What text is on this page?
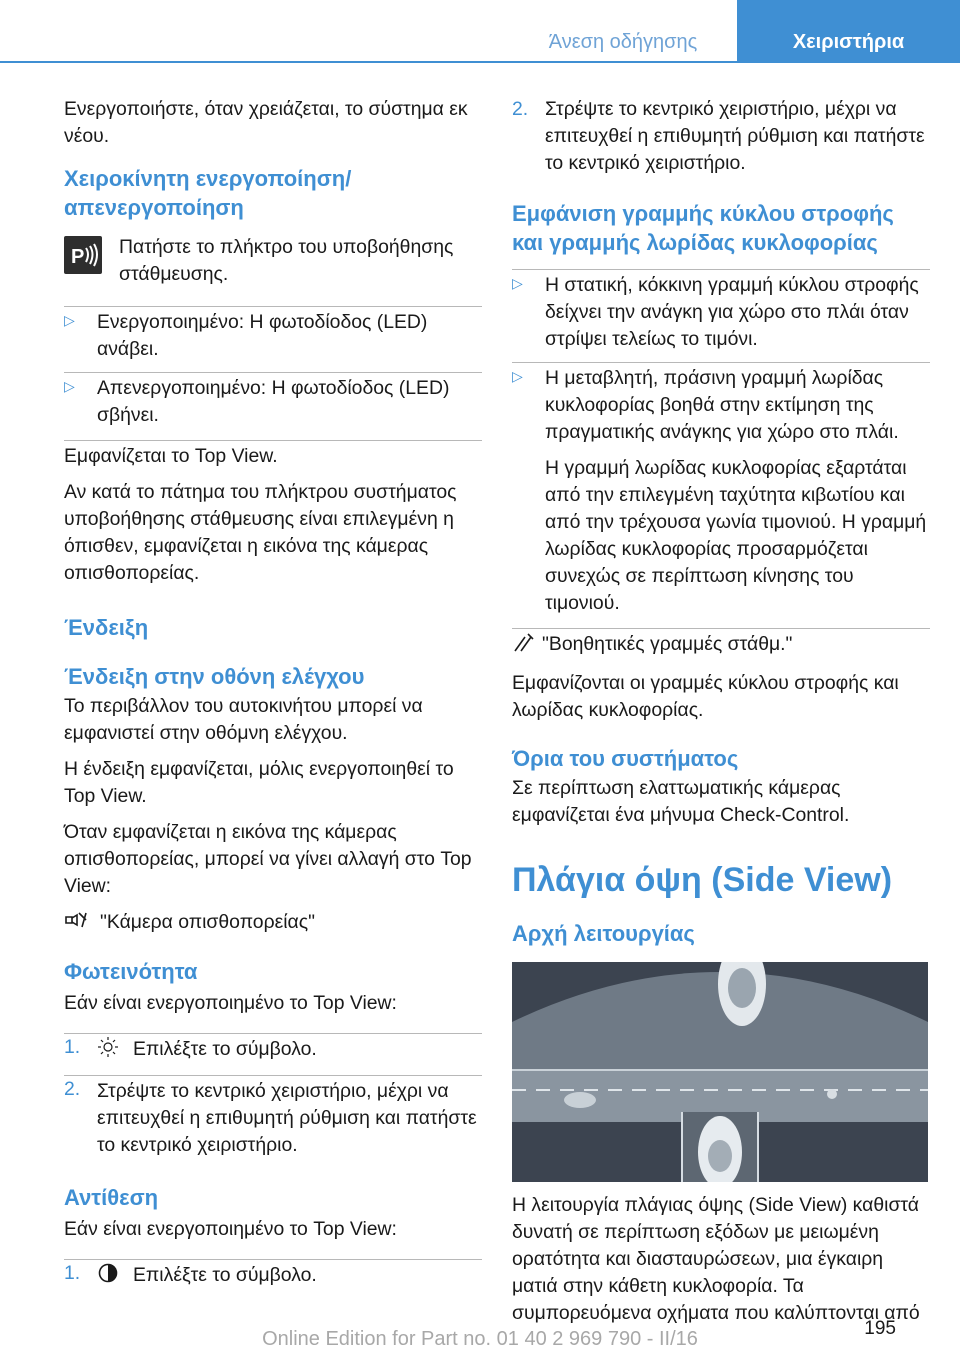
Άνεση οδήγησης	Χειριστήρια

Ενεργοποιήστε, όταν χρειάζεται, το σύστημα εκ νέου.

Χειροκίνητη ενεργοποίηση/ απενεργοποίηση
P Πατήστε το πλήκτρο του υποβοήθησης στάθμευσης.

▷ Ενεργοποιημένο: Η φωτοδίοδος (LED) ανάβει.
▷ Απενεργοποιημένο: Η φωτοδίοδος (LED) σβήνει.

Εμφανίζεται το Top View.

Αν κατά το πάτημα του πλήκτρου συστήματος υποβοήθησης στάθμευσης είναι επιλεγμένη η όπισθεν, εμφανίζεται η εικόνα της κάμερας οπισθοπορείας.

Ένδειξη
Ένδειξη στην οθόνη ελέγχου

Το περιβάλλον του αυτοκινήτου μπορεί να εμφανιστεί στην οθόμνη ελέγχου.

Η ένδειξη εμφανίζεται, μόλις ενεργοποιηθεί το Top View.

Όταν εμφανίζεται η εικόνα της κάμερας οπισθοπορείας, μπορεί να γίνει αλλαγή στο Top View:

"Κάμερα οπισθοπορείας"

Φωτεινότητα

Εάν είναι ενεργοποιημένο το Top View:

1.	Επιλέξτε το σύμβολο.
2. Στρέψτε το κεντρικό χειριστήριο, μέχρι να επιτευχθεί η επιθυμητή ρύθμιση και πατήστε το κεντρικό χειριστήριο.
Αντίθεση

Εάν είναι ενεργοποιημένο το Top View:

1.	Επιλέξτε το σύμβολο.
2. Στρέψτε το κεντρικό χειριστήριο, μέχρι να επιτευχθεί η επιθυμητή ρύθμιση και πατήστε το κεντρικό χειριστήριο.
Εμφάνιση γραμμής κύκλου στροφής και γραμμής λωρίδας κυκλοφορίας
▷ Η στατική, κόκκινη γραμμή κύκλου στροφής δείχνει την ανάγκη για χώρο στο πλάι όταν στρίψει τελείως το τιμόνι.
▷ Η μεταβλητή, πράσινη γραμμή λωρίδας κυκλοφορίας βοηθά στην εκτίμηση της πραγματικής ανάγκης για χώρο στο πλάι.
Η γραμμή λωρίδας κυκλοφορίας εξαρτάται από την επιλεγμένη ταχύτητα κιβωτίου και από την τρέχουσα γωνία τιμονιού. Η γραμμή λωρίδας κυκλοφορίας προσαρμόζεται συνεχώς σε περίπτωση κίνησης του τιμονιού.

"Βοηθητικές γραμμές στάθμ."

Εμφανίζονται οι γραμμές κύκλου στροφής και λωρίδας κυκλοφορίας.

Όρια του συστήματος

Σε περίπτωση ελαττωματικής κάμερας εμφανίζεται ένα μήνυμα Check-Control.

Πλάγια όψη (Side View)
Αρχή λειτουργίας

Η λειτουργία πλάγιας όψης (Side View) καθιστά δυνατή σε περίπτωση εξόδων με μειωμένη ορατότητα και διασταυρώσεων, μια έγκαιρη ματιά στην κάθετη κυκλοφορία. Τα συμπορευόμενα οχήματα που καλύπτονται από

195
Online Edition for Part no. 01 40 2 969 790 - II/16
